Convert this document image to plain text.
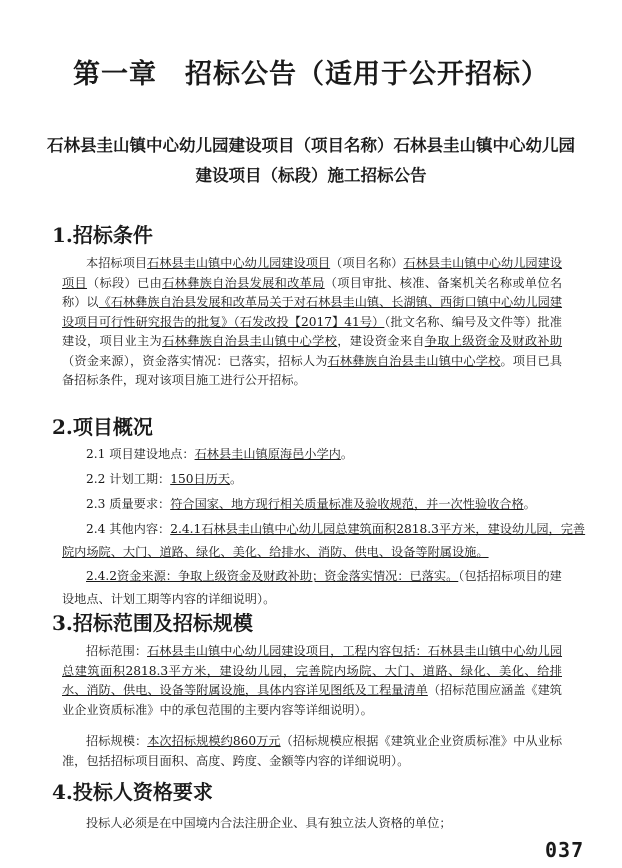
第一章　招标公告（适用于公开招标）
石林县圭山镇中心幼儿园建设项目（项目名称）石林县圭山镇中心幼儿园
建设项目（标段）施工招标公告
1.招标条件
本招标项目石林县圭山镇中心幼儿园建设项目（项目名称）石林县圭山镇中心幼儿园建设项目（标段）已由石林彝族自治县发展和改革局（项目审批、核准、备案机关名称或单位名称）以《石林彝族自治县发展和改革局关于对石林县圭山镇、长湖镇、西街口镇中心幼儿园建设项目可行性研究报告的批复》（石发改投【2017】41号）（批文名称、编号及文件等）批准建设，项目业主为石林彝族自治县圭山镇中心学校，建设资金来自争取上级资金及财政补助（资金来源），资金落实情况：已落实，招标人为石林彝族自治县圭山镇中心学校。项目已具备招标条件，现对该项目施工进行公开招标。
2.项目概况
2.1 项目建设地点：石林县圭山镇原海邑小学内。
2.2 计划工期：150日历天。
2.3 质量要求：符合国家、地方现行相关质量标准及验收规范，并一次性验收合格。
2.4 其他内容：2.4.1石林县圭山镇中心幼儿园总建筑面积2818.3平方米，建设幼儿园，完善
院内场院、大门、道路、绿化、美化、给排水、消防、供电、设备等附属设施。
2.4.2资金来源：争取上级资金及财政补助；资金落实情况：已落实。（包括招标项目的建
设地点、计划工期等内容的详细说明）。
3.招标范围及招标规模
招标范围：石林县圭山镇中心幼儿园建设项目，工程内容包括：石林县圭山镇中心幼儿园总建筑面积2818.3平方米，建设幼儿园，完善院内场院、大门、道路、绿化、美化、给排水、消防、供电、设备等附属设施，具体内容详见图纸及工程量清单（招标范围应涵盖《建筑业企业资质标准》中的承包范围的主要内容等详细说明）。
招标规模：本次招标规模约860万元（招标规模应根据《建筑业企业资质标准》中从业标准，包括招标项目面积、高度、跨度、金额等内容的详细说明）。
4.投标人资格要求
投标人必须是在中国境内合法注册企业、具有独立法人资格的单位；
037
